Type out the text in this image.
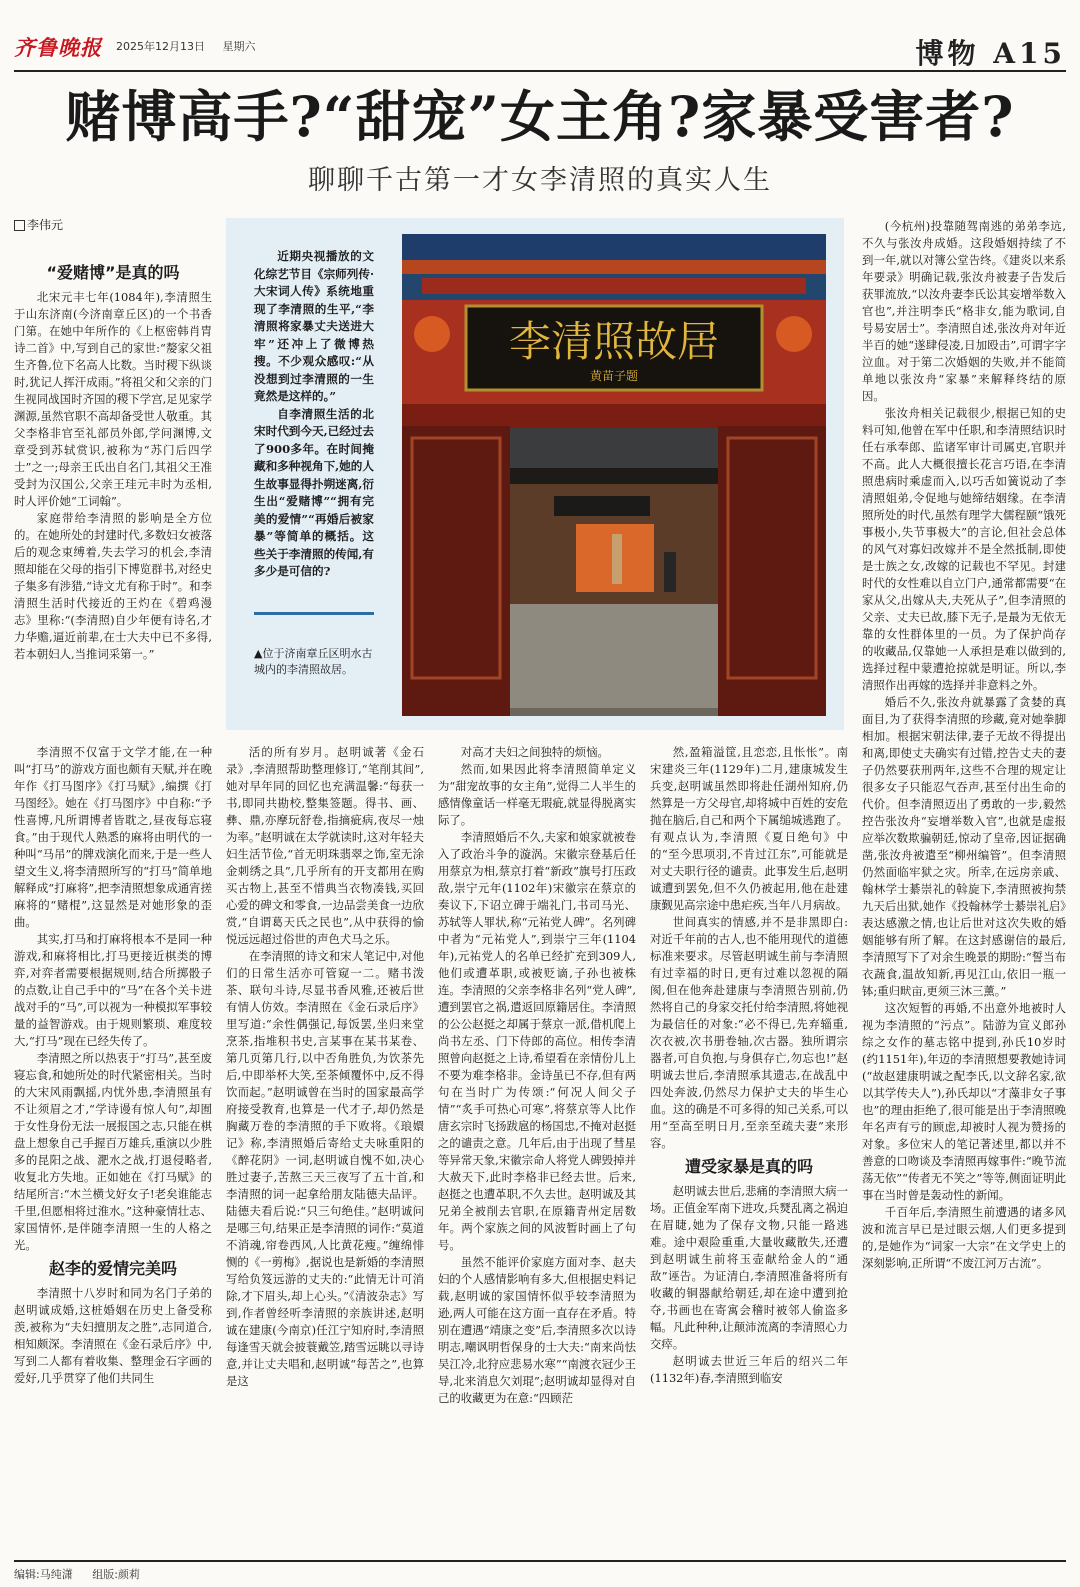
齐鲁晚报 2025年12月13日 星期六	博物 A15
赌博高手?“甜宠”女主角?家暴受害者?
聊聊千古第一才女李清照的真实人生
李伟元
“爱赌博”是真的吗

北宋元丰七年(1084年),李清照生于山东济南(今济南章丘区)的一个书香门第。在她中年所作的《上枢密韩肖胄诗二首》中,写到自己的家世:“嫠家父祖生齐鲁,位下名高人比数。当时稷下纵谈时,犹记人挥汗成雨。”将祖父和父亲的门生视同战国时齐国的稷下学宫,足见家学渊源,虽然官职不高却备受世人敬重。其父李格非官至礼部员外郎,学问渊博,文章受到苏轼赏识,被称为“苏门后四学士”之一;母亲王氏出自名门,其祖父王准受封为汉国公,父亲王珪元丰时为丞相,时人评价她“工词翰”。

家庭带给李清照的影响是全方位的。在她所处的封建时代,多数妇女被落后的观念束缚着,失去学习的机会,李清照却能在父母的指引下博览群书,对经史子集多有涉猎,“诗文尤有称于时”。和李清照生活时代接近的王灼在《碧鸡漫志》里称:“(李清照)自少年便有诗名,才力华赡,逼近前辈,在士大夫中已不多得,若本朝妇人,当推词采第一。”

近期央视播放的文化综艺节目《宗师列传·大宋词人传》系统地重现了李清照的生平,“李清照将家暴丈夫送进大牢”还冲上了微博热搜。不少观众感叹:“从没想到过李清照的一生竟然是这样的。”

自李清照生活的北宋时代到今天,已经过去了900多年。在时间掩藏和多种视角下,她的人生故事显得扑朔迷离,衍生出“爱赌博”“拥有完美的爱情”“再婚后被家暴”等简单的概括。这些关于李清照的传闻,有多少是可信的?

▲位于济南章丘区明水古城内的李清照故居。
李清照故居
黄苗子题

李清照不仅富于文学才能,在一种叫“打马”的游戏方面也颇有天赋,并在晚年作《打马图序》《打马赋》,编撰《打马图经》。她在《打马图序》中自称:“予性喜博,凡所谓博者皆耽之,昼夜每忘寝食。”由于现代人熟悉的麻将由明代的一种叫“马吊”的牌戏演化而来,于是一些人望文生义,将李清照所写的“打马”简单地解释成“打麻将”,把李清照想象成通宵搓麻将的“赌棍”,这显然是对她形象的歪曲。

其实,打马和打麻将根本不是同一种游戏,和麻将相比,打马更接近棋类的博弈,对弈者需要根据规则,结合所掷骰子的点数,让自己手中的“马”在各个关卡进战对手的“马”,可以视为一种模拟军事较量的益智游戏。由于规则繁琐、难度较大,“打马”现在已经失传了。

李清照之所以热衷于“打马”,甚至废寝忘食,和她所处的时代紧密相关。当时的大宋风雨飘摇,内忧外患,李清照虽有不让须眉之才,“学诗谩有惊人句”,却囿于女性身份无法一展报国之志,只能在棋盘上想象自己手握百万雄兵,重演以少胜多的昆阳之战、淝水之战,打退侵略者,收复北方失地。正如她在《打马赋》的结尾所言:“木兰横戈好女子!老矣谁能志千里,但愿相将过淮水。”这种豪情壮志、家国情怀,是伴随李清照一生的人格之光。

赵李的爱情完美吗

李清照十八岁时和同为名门子弟的赵明诚成婚,这桩婚姻在历史上备受称羡,被称为“夫妇擅朋友之胜”,志同道合,相知颇深。李清照在《金石录后序》中,写到二人都有着收集、整理金石字画的爱好,几乎贯穿了他们共同生

活的所有岁月。赵明诚著《金石录》,李清照帮助整理修订,“笔削其间”,她对早年同的回忆也充满温馨:“每获一书,即同共勘校,整集签题。得书、画、彝、鼎,亦摩玩舒卷,指摘疵病,夜尽一烛为率。”赵明诚在太学就读时,这对年轻夫妇生活节俭,“首无明珠翡翠之饰,室无涂金刺绣之具”,几乎所有的开支都用在购买古物上,甚至不惜典当衣物凑钱,买回心爱的碑文和零食,一边品尝美食一边欣赏,“自谓葛天氏之民也”,从中获得的愉悦远远超过俗世的声色犬马之乐。

在李清照的诗文和宋人笔记中,对他们的日常生活亦可管窥一二。赌书泼茶、联句斗诗,尽显书香风雅,还被后世有情人仿效。李清照在《金石录后序》里写道:“余性偶强记,每饭罢,坐归来堂烹茶,指堆积书史,言某事在某书某卷、第几页第几行,以中否角胜负,为饮茶先后,中即举杯大笑,至茶倾覆怀中,反不得饮而起。”赵明诚曾在当时的国家最高学府接受教育,也算是一代才子,却仍然是胸藏万卷的李清照的手下败将。《琅嬛记》称,李清照婚后寄给丈夫咏重阳的《醉花阴》一词,赵明诚自愧不如,决心胜过妻子,苦熬三天三夜写了五十首,和李清照的词一起拿给朋友陆德夫品评。陆德夫看后说:“只三句绝佳。”赵明诚问是哪三句,结果正是李清照的词作:“莫道不消魂,帘卷西风,人比黄花瘦。”缠绵悱恻的《一剪梅》,据说也是新婚的李清照写给负笈远游的丈夫的:“此情无计可消除,才下眉头,却上心头。”《清波杂志》写到,作者曾经听李清照的亲族讲述,赵明诚在建康(今南京)任江宁知府时,李清照每逢雪天就会披蓑戴笠,踏雪远眺以寻诗意,并让丈夫唱和,赵明诚“每苦之”,也算是这

对高才夫妇之间独特的烦恼。

然而,如果因此将李清照简单定义为“甜宠故事的女主角”,觉得二人半生的感情像童话一样毫无瑕疵,就显得脱离实际了。

李清照婚后不久,夫家和娘家就被卷入了政治斗争的漩涡。宋徽宗登基后任用蔡京为相,蔡京打着“新政”旗号打压政敌,崇宁元年(1102年)宋徽宗在蔡京的奏议下,下诏立碑于端礼门,书司马光、苏轼等人罪状,称“元祐党人碑”。名列碑中者为“元祐党人”,到崇宁三年(1104年),元祐党人的名单已经扩充到309人,他们或遭革职,或被贬谪,子孙也被株连。李清照的父亲李格非名列“党人碑”,遭到罢官之祸,遣返回原籍居住。李清照的公公赵挺之却属于蔡京一派,借机爬上尚书左丞、门下侍郎的高位。相传李清照曾向赵挺之上诗,希望看在亲情份儿上不要为难李格非。金诗虽已不存,但有两句在当时广为传颂:“何况人间父子情”“炙手可热心可寒”,将蔡京等人比作唐玄宗时飞扬跋扈的杨国忠,不掩对赵挺之的谴责之意。几年后,由于出现了彗星等异常天象,宋徽宗命人将党人碑毁掉并大赦天下,此时李格非已经去世。后来,赵挺之也遭革职,不久去世。赵明诚及其兄弟全被削去官职,在原籍青州定居数年。两个家族之间的风波暂时画上了句号。

虽然不能评价家庭方面对李、赵夫妇的个人感情影响有多大,但根据史料记载,赵明诚的家国情怀似乎较李清照为逊,两人可能在这方面一直存在矛盾。特别在遭遇“靖康之变”后,李清照多次以诗明志,嘲讽明哲保身的士大夫:“南来尚怯吴江冷,北狩应悲易水寒”“南渡衣冠少王导,北来消息欠刘琨”;赵明诚却显得对自己的收藏更为在意:“四顾茫

然,盈箱溢筐,且恋恋,且怅怅”。南宋建炎三年(1129年)二月,建康城发生兵变,赵明诚虽然即将赴任湖州知府,仍然算是一方父母官,却将城中百姓的安危抛在脑后,自己和两个下属缒城逃跑了。有观点认为,李清照《夏日绝句》中的“至今思项羽,不肯过江东”,可能就是对丈夫职行径的谴责。此事发生后,赵明诚遭到罢免,但不久仍被起用,他在赴建康觐见高宗途中患疟疾,当年八月病故。

世间真实的情感,并不是非黑即白:对近千年前的古人,也不能用现代的道德标准来要求。尽管赵明诚生前与李清照有过幸福的时日,更有过难以忽视的隔阂,但在他奔赴建康与李清照告别前,仍然将自己的身家交托付给李清照,将她视为最信任的对象:“必不得已,先弃辎重,次衣被,次书册卷轴,次古器。独所谓宗器者,可自负抱,与身俱存亡,勿忘也!”赵明诚去世后,李清照承其遗志,在战乱中四处奔波,仍然尽力保护丈夫的毕生心血。这的确是不可多得的知己关系,可以用“至高至明日月,至亲至疏夫妻”来形容。

遭受家暴是真的吗

赵明诚去世后,悲痛的李清照大病一场。正值金军南下进攻,兵燹乱离之祸迫在眉睫,她为了保存文物,只能一路逃难。途中艰险重重,大量收藏散失,还遭到赵明诚生前将玉壶献给金人的“通敌”诬告。为证清白,李清照准备将所有收藏的铜器献给朝廷,却在途中遭到抢夺,书画也在寄寓会稽时被邻人偷盗多幅。凡此种种,让颠沛流离的李清照心力交瘁。

赵明诚去世近三年后的绍兴二年(1132年)春,李清照到临安

(今杭州)投靠随驾南逃的弟弟李迒,不久与张汝舟成婚。这段婚姻持续了不到一年,就以对簿公堂告终。《建炎以来系年要录》明确记载,张汝舟被妻子告发后获罪流放,“以汝舟妻李氏讼其妄增举数入官也”,并注明李氏“格非女,能为歌词,自号易安居士”。李清照自述,张汝舟对年近半百的她“遂肆侵凌,日加殴击”,可谓字字泣血。对于第二次婚姻的失败,并不能简单地以张汝舟“家暴”来解释终结的原因。

张汝舟相关记载很少,根据已知的史料可知,他曾在军中任职,和李清照结识时任右承奉郎、监诸军审计司属吏,官职并不高。此人大概很擅长花言巧语,在李清照患病时乘虚而入,以巧舌如簧说动了李清照姐弟,令促地与她缔结姻缘。在李清照所处的时代,虽然有理学大儒程颐“饿死事极小,失节事极大”的言论,但社会总体的风气对寡妇改嫁并不是全然抵制,即使是士族之女,改嫁的记载也不罕见。封建时代的女性难以自立门户,通常都需要“在家从父,出嫁从夫,夫死从子”,但李清照的父亲、丈夫已故,膝下无子,是最为无依无靠的女性群体里的一员。为了保护尚存的收藏品,仅靠她一人承担是难以做到的,选择过程中蒙遭抢掠就是明证。所以,李清照作出再嫁的选择并非意料之外。

婚后不久,张汝舟就暴露了贪婪的真面目,为了获得李清照的珍藏,竟对她拳脚相加。根据宋朝法律,妻子无故不得提出和离,即使丈夫确实有过错,控告丈夫的妻子仍然要获刑两年,这些不合理的规定让很多女子只能忍气吞声,甚至付出生命的代价。但李清照迈出了勇敢的一步,毅然控告张汝舟“妄增举数入官”,也就是虚报应举次数欺骗朝廷,惊动了皇帝,因证据确凿,张汝舟被遣至“柳州编管”。但李清照仍然面临牢狱之灾。所幸,在远房亲戚、翰林学士綦崇礼的斡旋下,李清照被拘禁九天后出狱,她作《投翰林学士綦崇礼启》表达感激之情,也让后世对这次失败的婚姻能够有所了解。在这封感谢信的最后,李清照写下了对余生晚景的期盼:“誓当布衣蔬食,温故知新,再见江山,依旧一瓶一钵;重归畎亩,更须三沐三薰。”

这次短暂的再婚,不出意外地被时人视为李清照的“污点”。陆游为宣义郎孙综之女作的墓志铭中提到,孙氏10岁时(约1151年),年迈的李清照想要教她诗词(“故赵建康明诚之配李氏,以文辞名家,欲以其学传夫人”),孙氏却以“才藻非女子事也”的理由拒绝了,很可能是出于李清照晚年名声有亏的顾虑,却被时人视为赞扬的对象。多位宋人的笔记著述里,都以并不善意的口吻谈及李清照再嫁事件:“晚节流荡无依”“传者无不笑之”等等,侧面证明此事在当时曾是轰动性的新闻。

千百年后,李清照生前遭遇的诸多风波和流言早已是过眼云烟,人们更多提到的,是她作为“词家一大宗”在文学史上的深刻影响,正所谓“不废江河万古流”。

编辑:马纯潇 组版:颜莉
